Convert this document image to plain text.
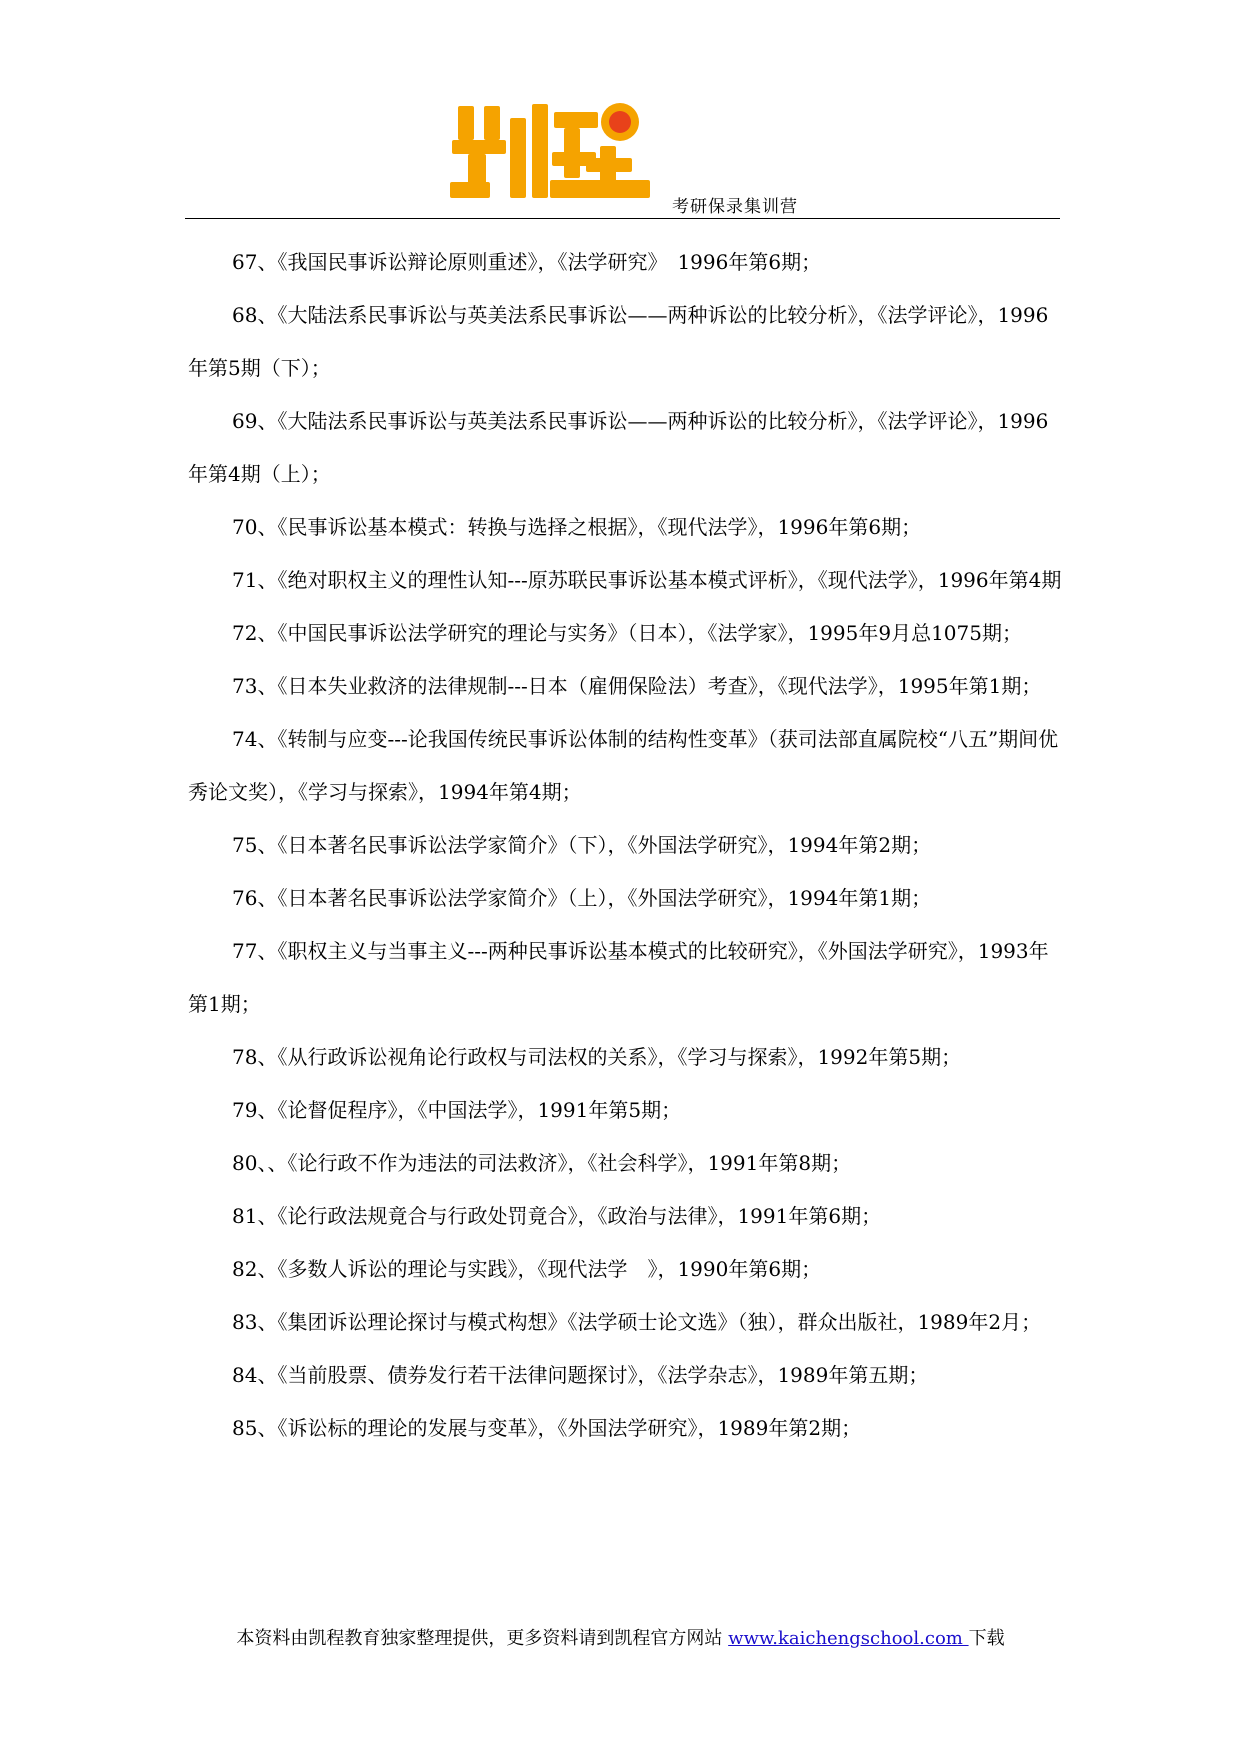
考研保录集训营

67、《我国民事诉讼辩论原则重述》，《法学研究》　1996年第6期；

68、《大陆法系民事诉讼与英美法系民事诉讼——两种诉讼的比较分析》，《法学评论》，1996年第5期（下）；

69、《大陆法系民事诉讼与英美法系民事诉讼——两种诉讼的比较分析》，《法学评论》，1996年第4期（上）；

70、《民事诉讼基本模式：转换与选择之根据》，《现代法学》，1996年第6期；

71、《绝对职权主义的理性认知---原苏联民事诉讼基本模式评析》，《现代法学》，1996年第4期

72、《中国民事诉讼法学研究的理论与实务》（日本），《法学家》，1995年9月总1075期；

73、《日本失业救济的法律规制---日本（雇佣保险法）考查》，《现代法学》，1995年第1期；

74、《转制与应变---论我国传统民事诉讼体制的结构性变革》（获司法部直属院校“八五”期间优秀论文奖），《学习与探索》，1994年第4期；

75、《日本著名民事诉讼法学家简介》（下），《外国法学研究》，1994年第2期；

76、《日本著名民事诉讼法学家简介》（上），《外国法学研究》，1994年第1期；

77、《职权主义与当事主义---两种民事诉讼基本模式的比较研究》，《外国法学研究》，1993年第1期；

78、《从行政诉讼视角论行政权与司法权的关系》，《学习与探索》，1992年第5期；

79、《论督促程序》，《中国法学》，1991年第5期；

80、、《论行政不作为违法的司法救济》，《社会科学》，1991年第8期；

81、《论行政法规竟合与行政处罚竟合》，《政治与法律》，1991年第6期；

82、《多数人诉讼的理论与实践》，《现代法学　》，1990年第6期；

83、《集团诉讼理论探讨与模式构想》《法学硕士论文选》（独），群众出版社，1989年2月；

84、《当前股票、债券发行若干法律问题探讨》，《法学杂志》，1989年第五期；

85、《诉讼标的理论的发展与变革》，《外国法学研究》，1989年第2期；

本资料由凯程教育独家整理提供，更多资料请到凯程官方网站 www.kaichengschool.com 下载
